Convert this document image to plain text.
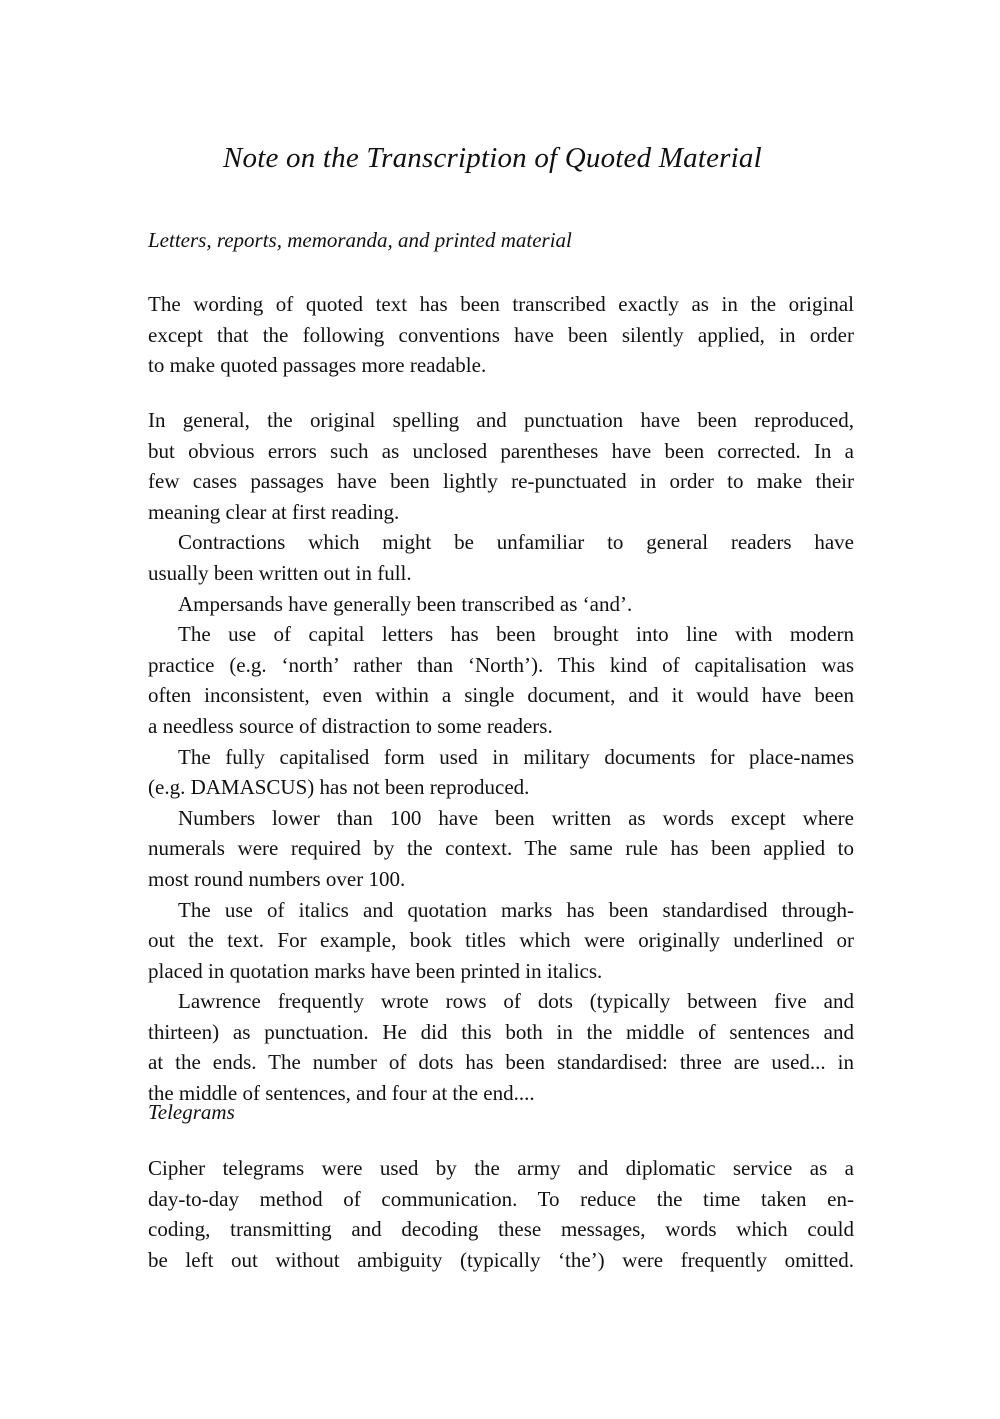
Note on the Transcription of Quoted Material
Letters, reports, memoranda, and printed material
The wording of quoted text has been transcribed exactly as in the original
except that the following conventions have been silently applied, in order
to make quoted passages more readable.
In general, the original spelling and punctuation have been reproduced,
but obvious errors such as unclosed parentheses have been corrected. In a
few cases passages have been lightly re-punctuated in order to make their
meaning clear at first reading.
Contractions which might be unfamiliar to general readers have
usually been written out in full.
Ampersands have generally been transcribed as ‘and’.
The use of capital letters has been brought into line with modern
practice (e.g. ‘north’ rather than ‘North’). This kind of capitalisation was
often inconsistent, even within a single document, and it would have been
a needless source of distraction to some readers.
The fully capitalised form used in military documents for place-names
(e.g. DAMASCUS) has not been reproduced.
Numbers lower than 100 have been written as words except where
numerals were required by the context. The same rule has been applied to
most round numbers over 100.
The use of italics and quotation marks has been standardised through-
out the text. For example, book titles which were originally underlined or
placed in quotation marks have been printed in italics.
Lawrence frequently wrote rows of dots (typically between five and
thirteen) as punctuation. He did this both in the middle of sentences and
at the ends. The number of dots has been standardised: three are used... in
the middle of sentences, and four at the end....
Telegrams
Cipher telegrams were used by the army and diplomatic service as a
day-to-day method of communication. To reduce the time taken en-
coding, transmitting and decoding these messages, words which could
be left out without ambiguity (typically ‘the’) were frequently omitted.
